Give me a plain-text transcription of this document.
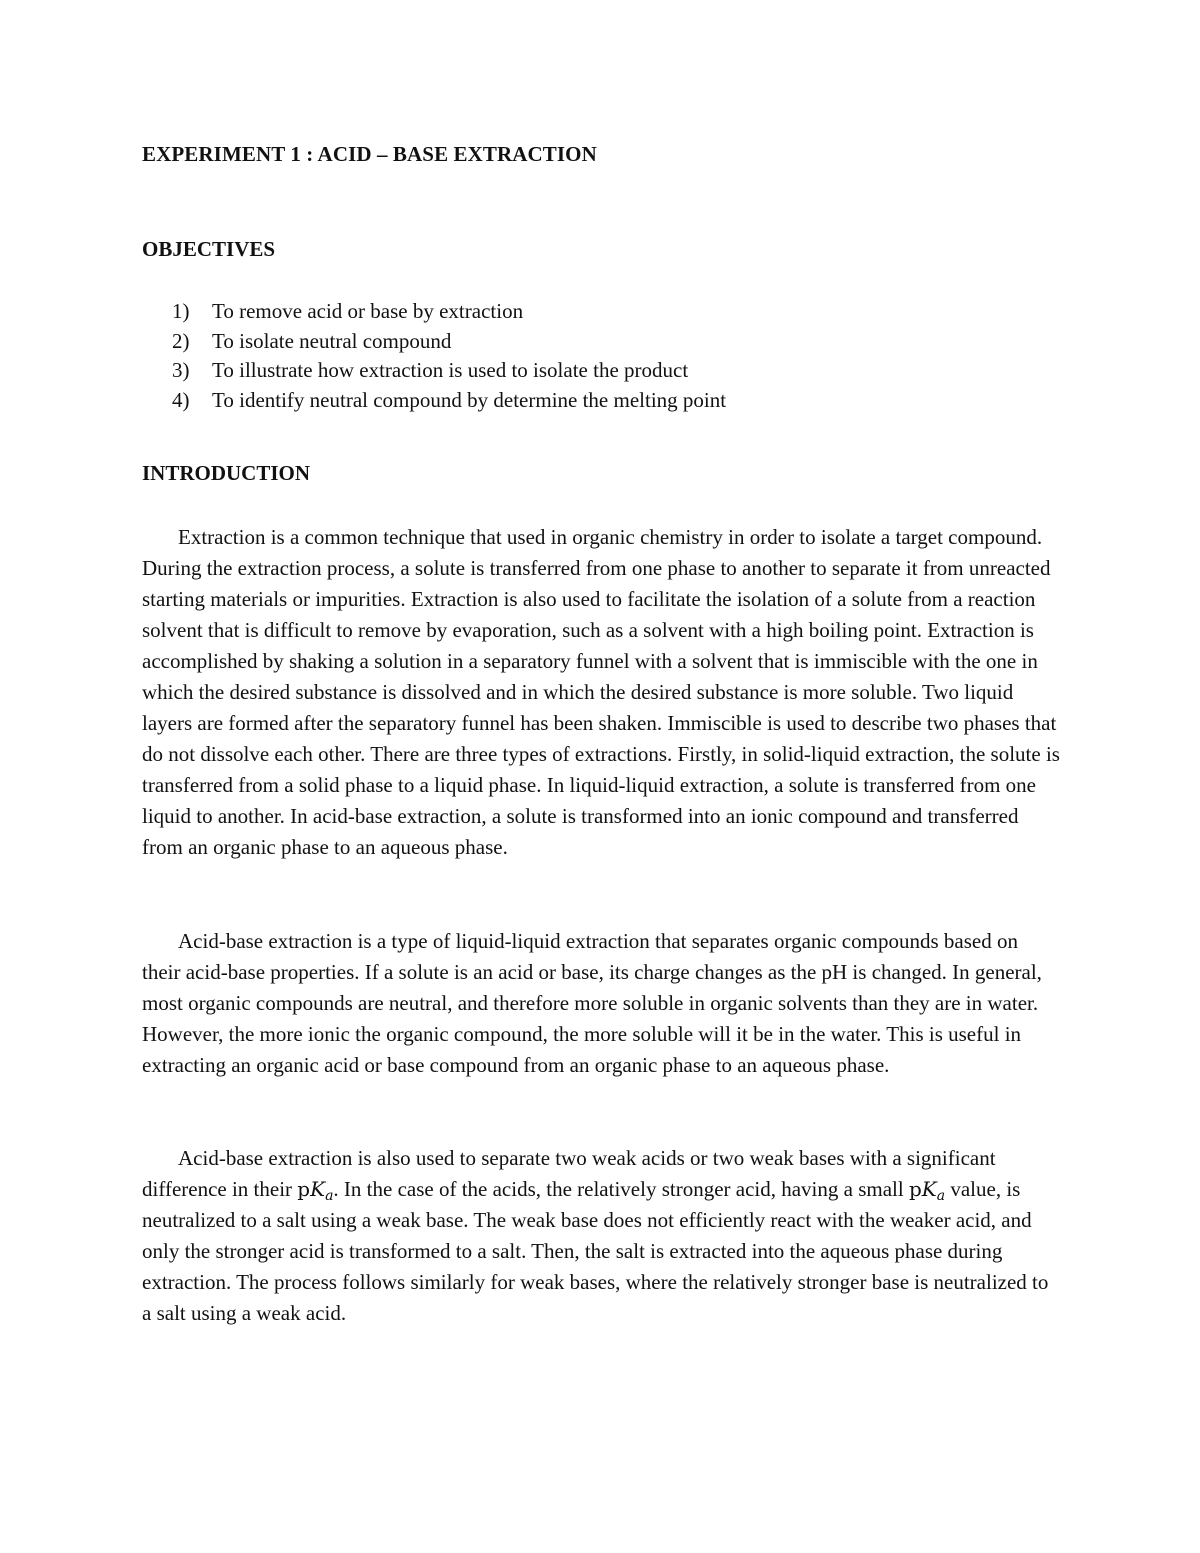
EXPERIMENT 1 : ACID – BASE EXTRACTION
OBJECTIVES
1)	To remove acid or base by extraction
2)	To isolate neutral compound
3)	To illustrate how extraction is used to isolate the product
4)	To identify neutral compound by determine the melting point
INTRODUCTION

Extraction is a common technique that used in organic chemistry in order to isolate a target compound. During the extraction process, a solute is transferred from one phase to another to separate it from unreacted starting materials or impurities. Extraction is also used to facilitate the isolation of a solute from a reaction solvent that is difficult to remove by evaporation, such as a solvent with a high boiling point. Extraction is accomplished by shaking a solution in a separatory funnel with a solvent that is immiscible with the one in which the desired substance is dissolved and in which the desired substance is more soluble. Two liquid layers are formed after the separatory funnel has been shaken. Immiscible is used to describe two phases that do not dissolve each other. There are three types of extractions. Firstly, in solid-liquid extraction, the solute is transferred from a solid phase to a liquid phase. In liquid-liquid extraction, a solute is transferred from one liquid to another. In acid-base extraction, a solute is transformed into an ionic compound and transferred from an organic phase to an aqueous phase.

Acid-base extraction is a type of liquid-liquid extraction that separates organic compounds based on their acid-base properties. If a solute is an acid or base, its charge changes as the pH is changed. In general, most organic compounds are neutral, and therefore more soluble in organic solvents than they are in water. However, the more ionic the organic compound, the more soluble will it be in the water. This is useful in extracting an organic acid or base compound from an organic phase to an aqueous phase.

Acid-base extraction is also used to separate two weak acids or two weak bases with a significant difference in their $pK_a$. In the case of the acids, the relatively stronger acid, having a small $pK_a$ value, is neutralized to a salt using a weak base. The weak base does not efficiently react with the weaker acid, and only the stronger acid is transformed to a salt. Then, the salt is extracted into the aqueous phase during extraction. The process follows similarly for weak bases, where the relatively stronger base is neutralized to a salt using a weak acid.
